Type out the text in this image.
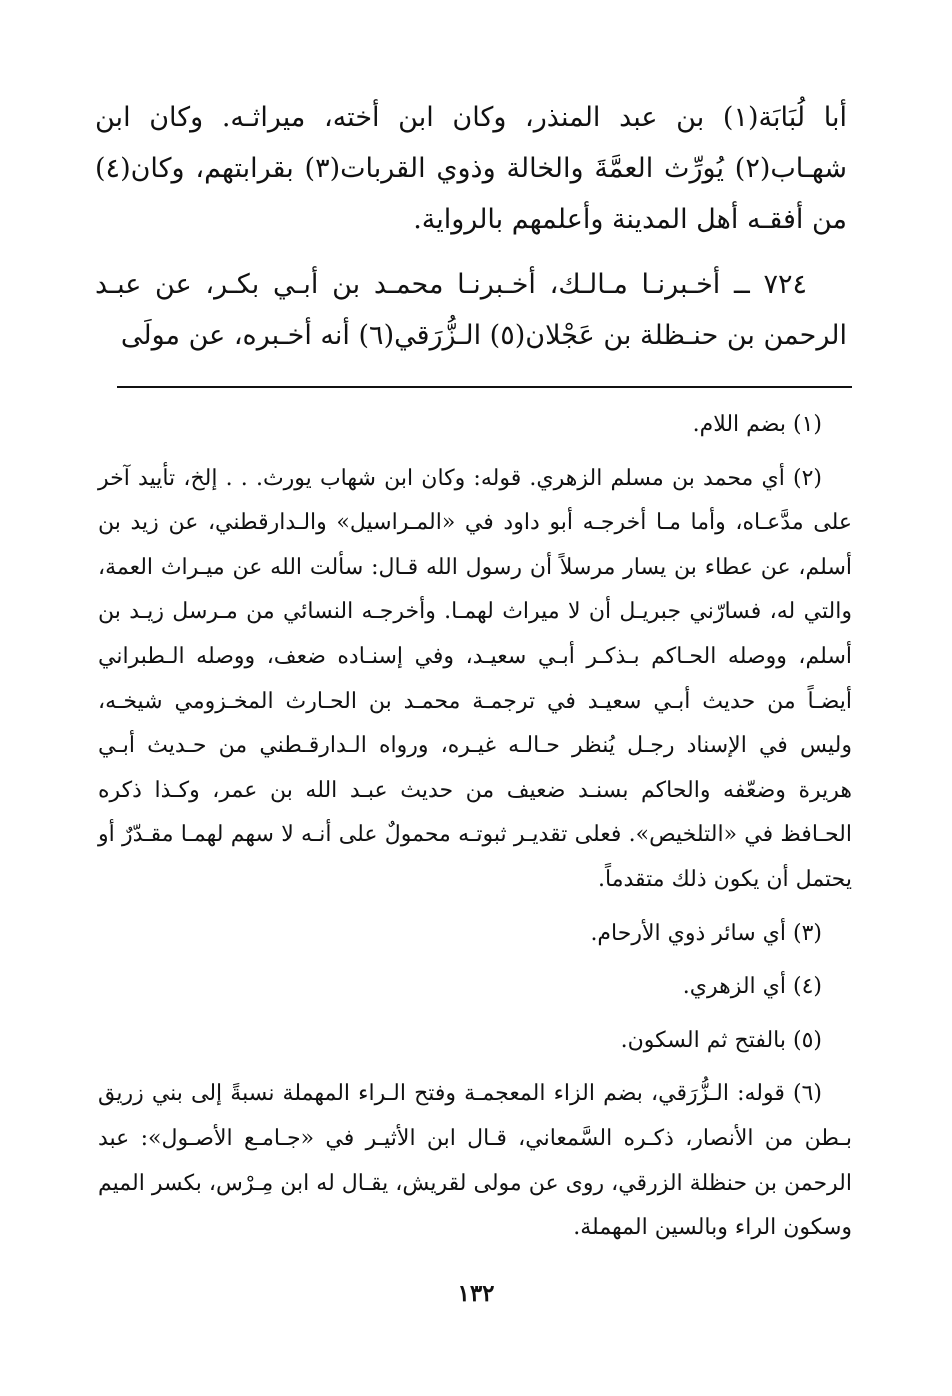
أبا لُبَابَة(١) بن عبد المنذر، وكان ابن أخته، ميراثـه. وكان ابن شهـاب(٢) يُورِّث العمَّةَ والخالة وذوي القربات(٣) بقرابتهم، وكان(٤) من أفقـه أهل المدينة وأعلمهم بالرواية.

٧٢٤ ــ أخـبرنـا مـالـك، أخـبرنـا محمـد بن أبـي بكـر، عن عبـد الرحمن بن حنـظلة بن عَجْلان(٥) الـزُّرَقي(٦) أنه أخـبره، عن مولَى

(١) بضم اللام.

(٢) أي محمد بن مسلم الزهري. قوله: وكان ابن شهاب يورث. . . إلخ، تأييد آخر على مدَّعـاه، وأما مـا أخرجـه أبو داود في «المـراسيل» والـدارقطني، عن زيد بن أسلم، عن عطاء بن يسار مرسلاً أن رسول الله قـال: سألت الله عن ميـراث العمة، والتي له، فسارّني جبريـل أن لا ميراث لهمـا. وأخرجـه النسائي من مـرسل زيـد بن أسلم، ووصله الحـاكم بـذكـر أبـي سعيـد، وفي إسنـاده ضعف، ووصله الـطبراني أيضـاً من حديث أبـي سعيـد في ترجمـة محمـد بن الحـارث المخـزومي شيخـه، وليس في الإسناد رجـل يُنظر حـالـه غيـره، ورواه الـدارقـطني من حـديث أبـي هريرة وضعّفه والحاكم بسنـد ضعيف من حديث عبـد الله بن عمر، وكـذا ذكره الحـافظ في «التلخيص». فعلى تقديـر ثبوتـه محمولٌ على أنـه لا سهم لهمـا مقـدّرٌ أو يحتمل أن يكون ذلك متقدماً.

(٣) أي سائر ذوي الأرحام.

(٤) أي الزهري.

(٥) بالفتح ثم السكون.

(٦) قوله: الـزُّرَقي، بضم الزاء المعجمـة وفتح الـراء المهملة نسبةً إلى بني زريق بـطن من الأنصار، ذكـره السَّمعاني، قـال ابن الأثيـر في «جـامـع الأصـول»: عبد الرحمن بن حنظلة الزرقي، روى عن مولى لقريش، يقـال له ابن مِـرْس، بكسر الميم وسكون الراء وبالسين المهملة.

١٣٢
